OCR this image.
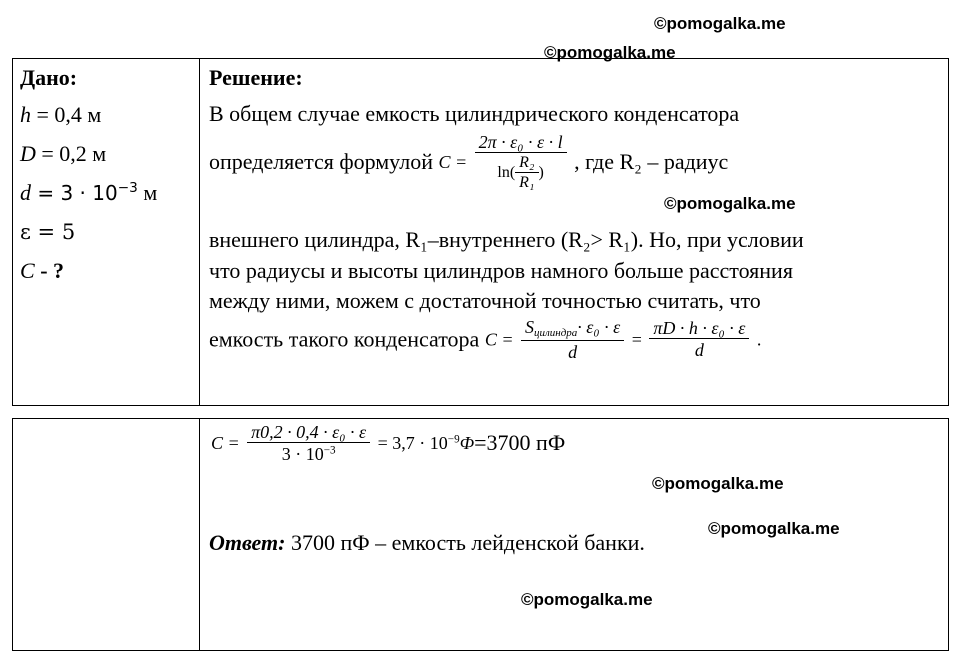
©pomogalka.me
©pomogalka.me
©pomogalka.me
©pomogalka.me
©pomogalka.me
©pomogalka.me
Дано:
h = 0,4 м
D = 0,2 м
$d = 3 \cdot 10^{-3}$ м
ε = 5
C - ?
Решение:
В общем случае емкость цилиндрического конденсатора
определяется формулой $C = \frac{\text{2π · ε₀ · ε · l}}{\ln( \frac{\text{R₂}}{\text{R₁}} )}$ , где R₂ – радиус
внешнего цилиндра, R₁–внутреннего (R₂> R₁). Но, при условии
что радиусы и высоты цилиндров намного больше расстояния
между ними, можем с достаточной точностью считать, что
емкость такого конденсатора $C = \frac{S_{цилиндра}\cdot \varepsilon_0 \cdot \varepsilon}{d} = \frac{\text{πD · h · ε₀ · ε}}{d}$ .
$C = \frac{\text{π0,2 · 0,4 · ε₀ · ε}}{3 \cdot 10^{-3}} = 3,7 \cdot 10^{-9}Ф=3700$ пФ
Ответ: 3700 пФ – емкость лейденской банки.
